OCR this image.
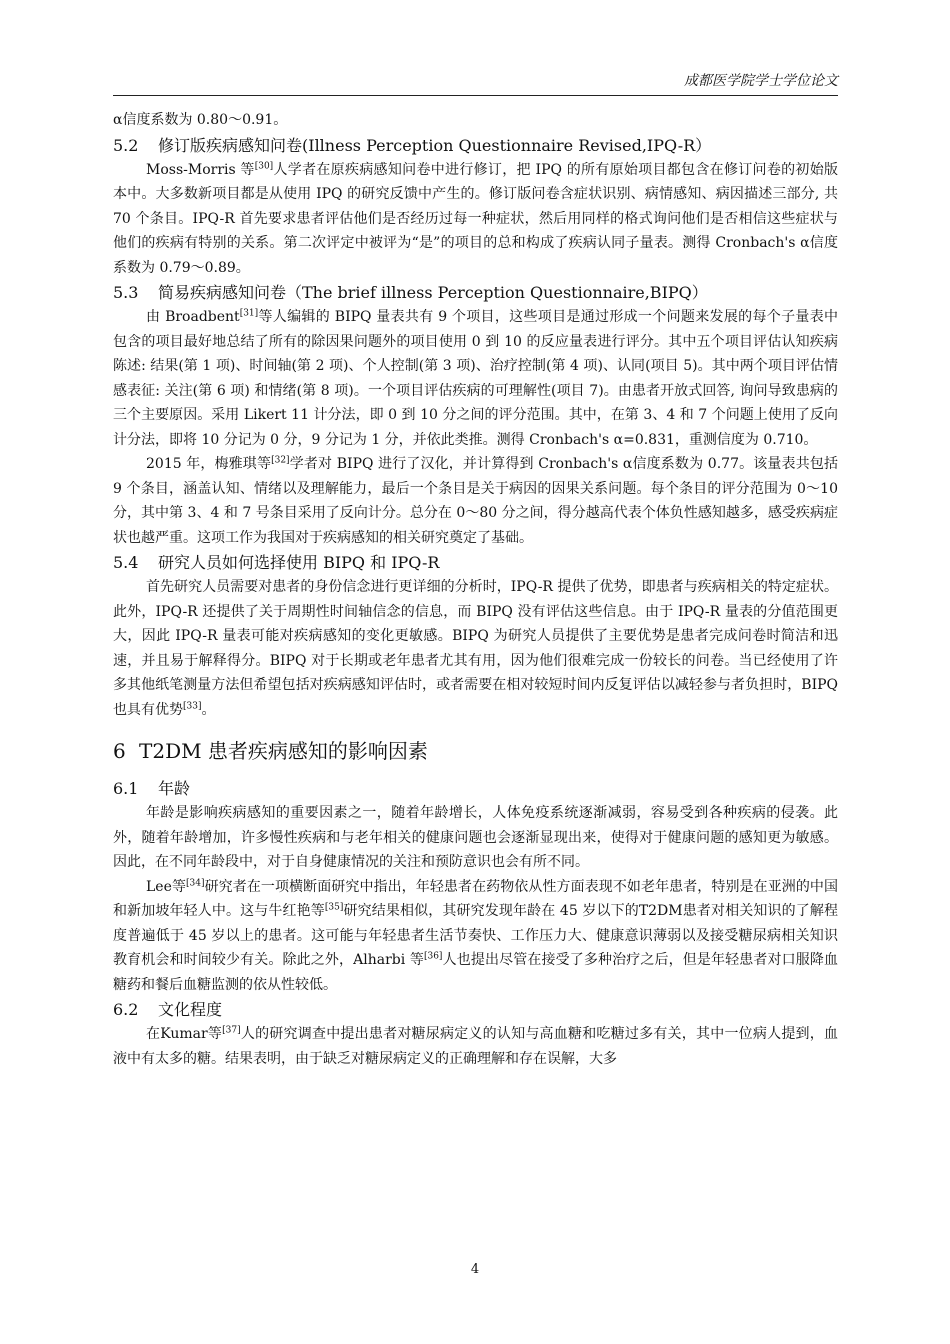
成都医学院学士学位论文

α信度系数为 0.80～0.91。

5.2 修订版疾病感知问卷(Illness Perception Questionnaire Revised,IPQ-R）

Moss-Morris 等[30]人学者在原疾病感知问卷中进行修订，把 IPQ 的所有原始项目都包含在修订问卷的初始版本中。大多数新项目都是从使用 IPQ 的研究反馈中产生的。修订版问卷含症状识别、病情感知、病因描述三部分, 共 70 个条目。IPQ-R 首先要求患者评估他们是否经历过每一种症状，然后用同样的格式询问他们是否相信这些症状与他们的疾病有特别的关系。第二次评定中被评为“是”的项目的总和构成了疾病认同子量表。测得 Cronbach's α信度系数为 0.79～0.89。

5.3 简易疾病感知问卷（The brief illness Perception Questionnaire,BIPQ）

由 Broadbent[31]等人编辑的 BIPQ 量表共有 9 个项目，这些项目是通过形成一个问题来发展的每个子量表中包含的项目最好地总结了所有的除因果问题外的项目使用 0 到 10 的反应量表进行评分。其中五个项目评估认知疾病陈述: 结果(第 1 项)、时间轴(第 2 项)、个人控制(第 3 项)、治疗控制(第 4 项)、认同(项目 5)。其中两个项目评估情感表征: 关注(第 6 项) 和情绪(第 8 项)。一个项目评估疾病的可理解性(项目 7)。由患者开放式回答, 询问导致患病的三个主要原因。采用 Likert 11 计分法，即 0 到 10 分之间的评分范围。其中，在第 3、4 和 7 个问题上使用了反向计分法，即将 10 分记为 0 分，9 分记为 1 分，并依此类推。测得 Cronbach's α=0.831，重测信度为 0.710。

2015 年，梅雅琪等[32]学者对 BIPQ 进行了汉化，并计算得到 Cronbach's α信度系数为 0.77。该量表共包括 9 个条目，涵盖认知、情绪以及理解能力，最后一个条目是关于病因的因果关系问题。每个条目的评分范围为 0～10 分，其中第 3、4 和 7 号条目采用了反向计分。总分在 0～80 分之间，得分越高代表个体负性感知越多，感受疾病症状也越严重。这项工作为我国对于疾病感知的相关研究奠定了基础。

5.4 研究人员如何选择使用 BIPQ 和 IPQ-R

首先研究人员需要对患者的身份信念进行更详细的分析时，IPQ-R 提供了优势，即患者与疾病相关的特定症状。此外，IPQ-R 还提供了关于周期性时间轴信念的信息，而 BIPQ 没有评估这些信息。由于 IPQ-R 量表的分值范围更大，因此 IPQ-R 量表可能对疾病感知的变化更敏感。BIPQ 为研究人员提供了主要优势是患者完成问卷时简洁和迅速，并且易于解释得分。BIPQ 对于长期或老年患者尤其有用，因为他们很难完成一份较长的问卷。当已经使用了许多其他纸笔测量方法但希望包括对疾病感知评估时，或者需要在相对较短时间内反复评估以减轻参与者负担时，BIPQ 也具有优势[33]。

6 T2DM 患者疾病感知的影响因素
6.1 年龄

年龄是影响疾病感知的重要因素之一，随着年龄增长，人体免疫系统逐渐减弱，容易受到各种疾病的侵袭。此外，随着年龄增加，许多慢性疾病和与老年相关的健康问题也会逐渐显现出来，使得对于健康问题的感知更为敏感。因此，在不同年龄段中，对于自身健康情况的关注和预防意识也会有所不同。

Lee等[34]研究者在一项横断面研究中指出，年轻患者在药物依从性方面表现不如老年患者，特别是在亚洲的中国和新加坡年轻人中。这与牛红艳等[35]研究结果相似，其研究发现年龄在 45 岁以下的T2DM患者对相关知识的了解程度普遍低于 45 岁以上的患者。这可能与年轻患者生活节奏快、工作压力大、健康意识薄弱以及接受糖尿病相关知识教育机会和时间较少有关。除此之外，Alharbi 等[36]人也提出尽管在接受了多种治疗之后，但是年轻患者对口服降血糖药和餐后血糖监测的依从性较低。

6.2 文化程度

在Kumar等[37]人的研究调查中提出患者对糖尿病定义的认知与高血糖和吃糖过多有关，其中一位病人提到，血液中有太多的糖。结果表明，由于缺乏对糖尿病定义的正确理解和存在误解，大多

4
